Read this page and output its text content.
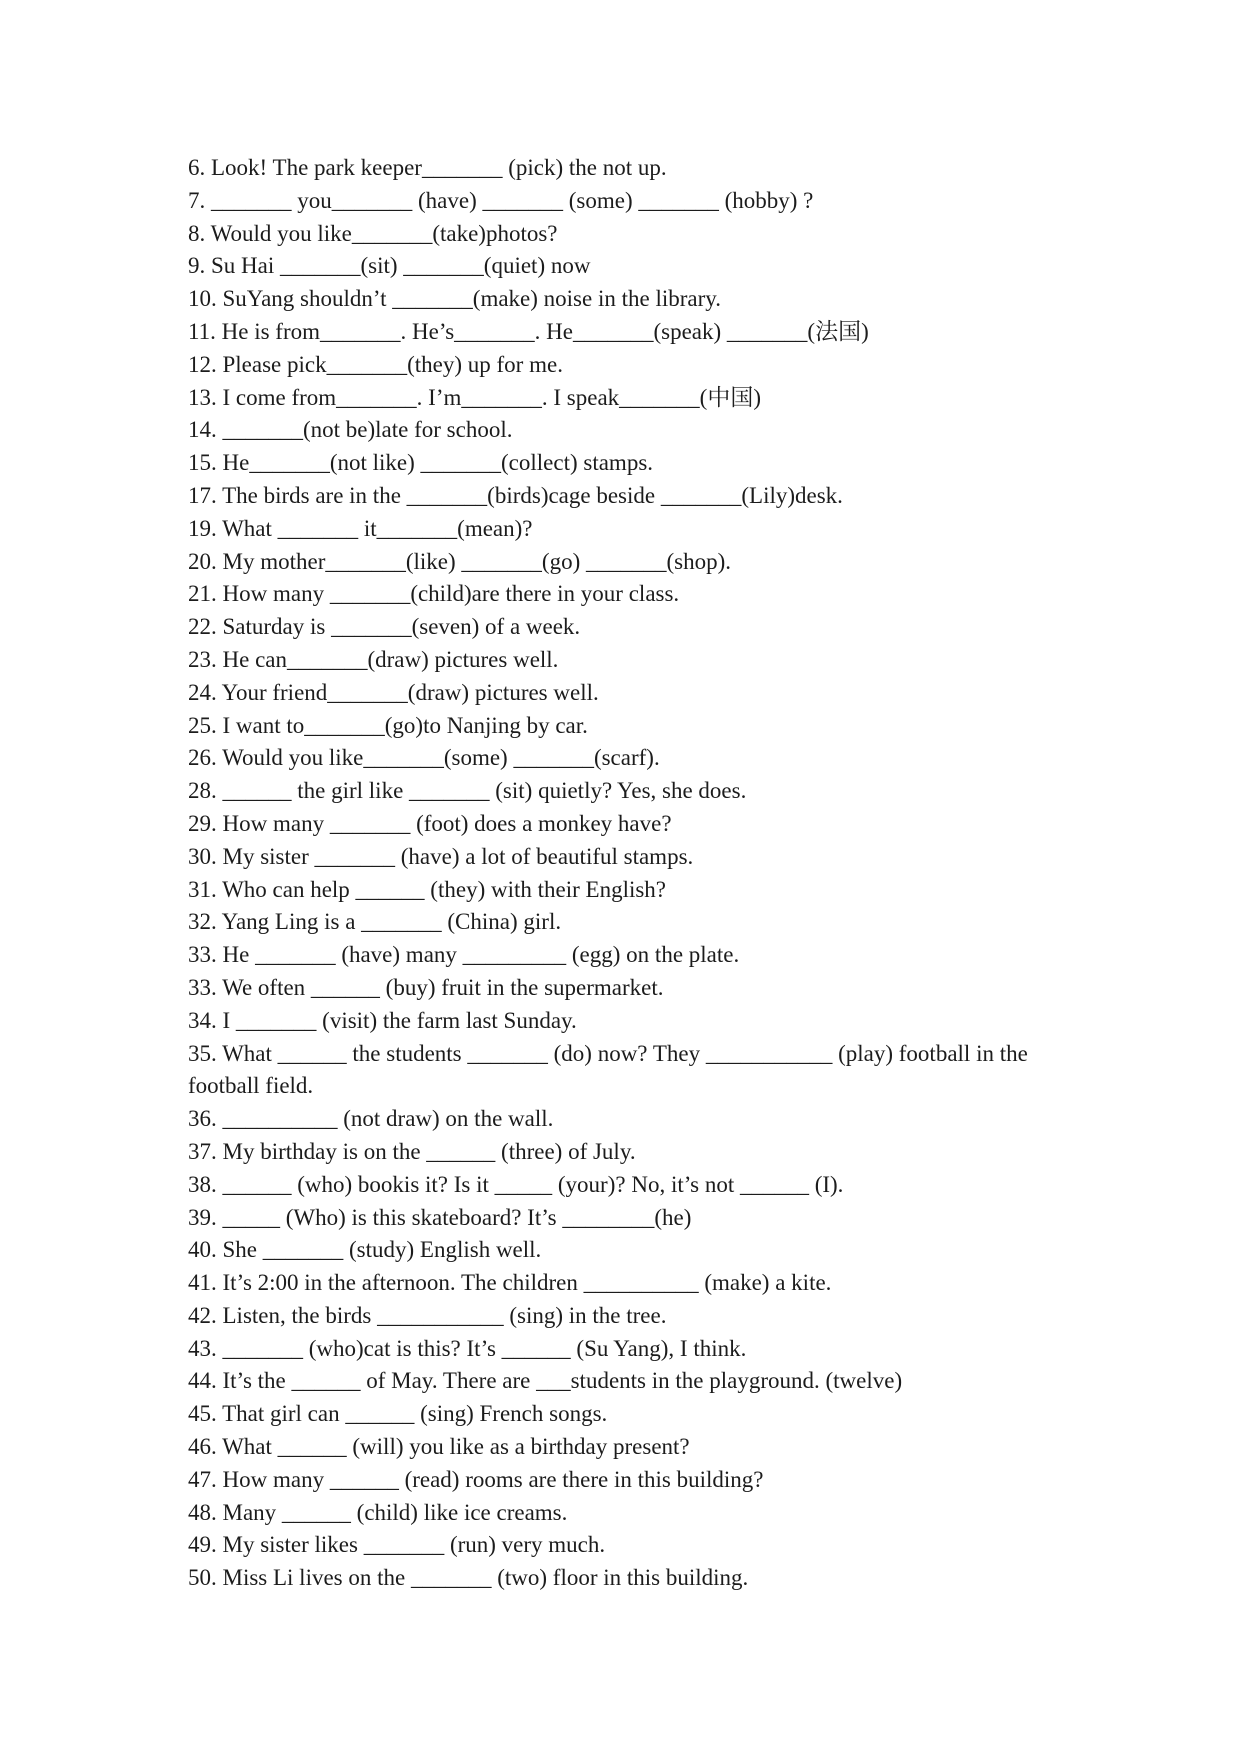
6. Look! The park keeper_______ (pick) the not up.
7. _______ you_______ (have) _______ (some) _______ (hobby) ?
8. Would you like_______(take)photos?
9. Su Hai _______(sit) _______(quiet) now
10. SuYang shouldn’t _______(make) noise in the library.
11. He is from_______. He’s_______. He_______(speak) _______(法国)
12. Please pick_______(they) up for me.
13. I come from_______. I’m_______. I speak_______(中国)
14. _______(not be)late for school.
15. He_______(not like) _______(collect) stamps.
17. The birds are in the _______(birds)cage beside _______(Lily)desk.
19. What _______ it_______(mean)?
20. My mother_______(like) _______(go) _______(shop).
21. How many _______(child)are there in your class.
22. Saturday is _______(seven) of a week.
23. He can_______(draw) pictures well.
24. Your friend_______(draw) pictures well.
25. I want to_______(go)to Nanjing by car.
26. Would you like_______(some) _______(scarf).
28. ______ the girl like _______ (sit) quietly? Yes, she does.
29. How many _______ (foot) does a monkey have?
30. My sister _______ (have) a lot of beautiful stamps.
31. Who can help ______ (they) with their English?
32. Yang Ling is a _______ (China) girl.
33. He _______ (have) many _________ (egg) on the plate.
33. We often ______ (buy) fruit in the supermarket.
34. I _______ (visit) the farm last Sunday.
35. What ______ the students _______ (do) now? They ___________ (play) football in the football field.
36. __________ (not draw) on the wall.
37. My birthday is on the ______ (three) of July.
38. ______ (who) bookis it? Is it _____ (your)? No, it’s not ______ (I).
39. _____ (Who) is this skateboard? It’s ________(he)
40. She _______ (study) English well.
41. It’s 2:00 in the afternoon. The children __________ (make) a kite.
42. Listen, the birds ___________ (sing) in the tree.
43. _______ (who)cat is this? It’s ______ (Su Yang), I think.
44. It’s the ______ of May. There are ___students in the playground. (twelve)
45. That girl can ______ (sing) French songs.
46. What ______ (will) you like as a birthday present?
47. How many ______ (read) rooms are there in this building?
48. Many ______ (child) like ice creams.
49. My sister likes _______ (run) very much.
50. Miss Li lives on the _______ (two) floor in this building.
